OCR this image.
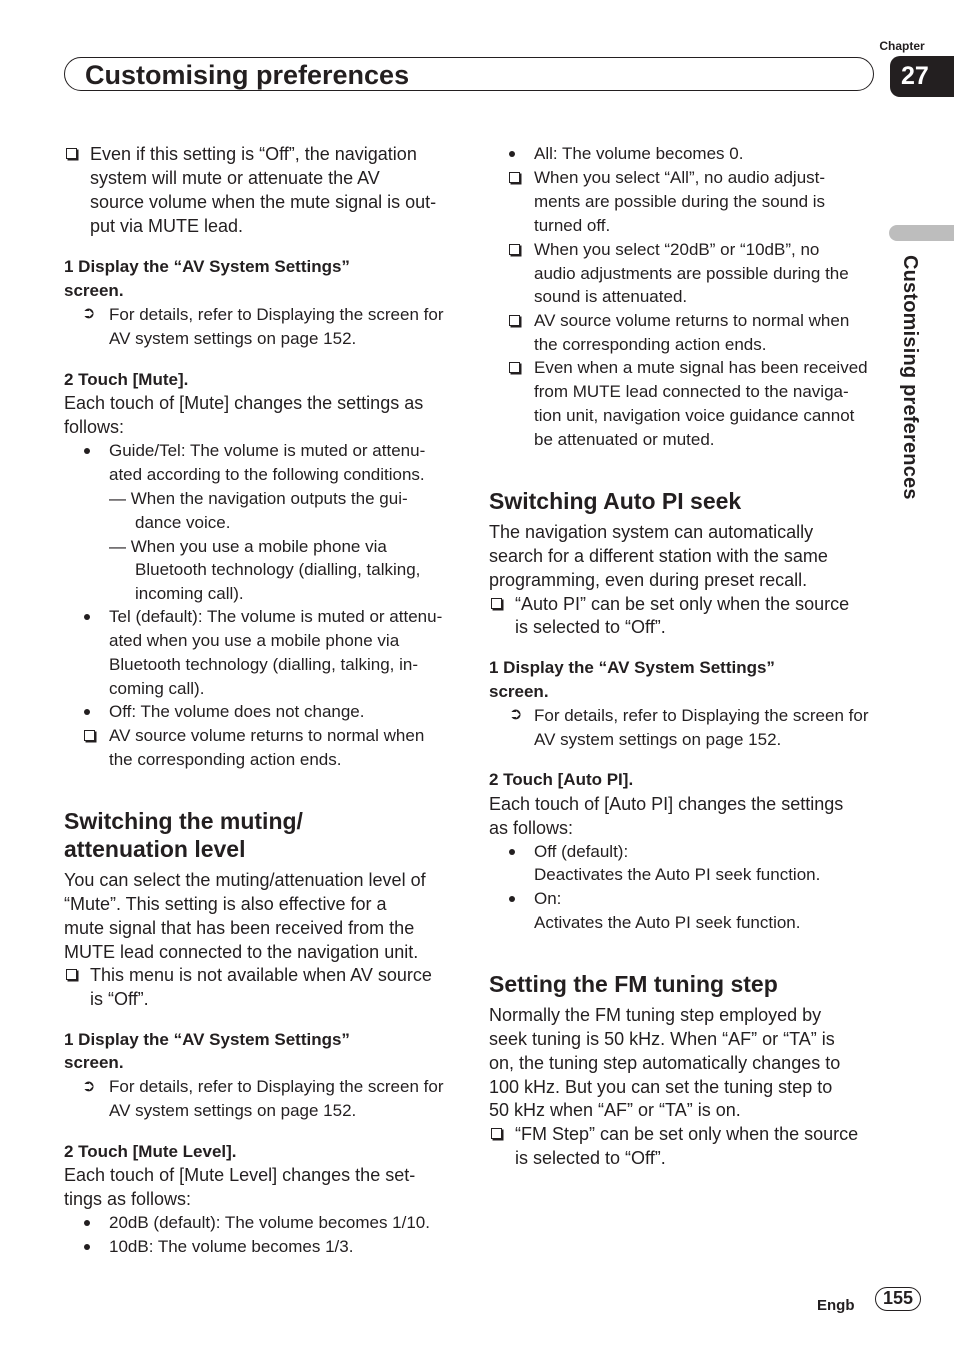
Customising preferences
Chapter
27
Customising preferences
Even if this setting is “Off”, the navigation
system will mute or attenuate the AV
source volume when the mute signal is out-
put via MUTE lead.
1 Display the “AV System Settings”
screen.
➲ For details, refer to Displaying the screen for
AV system settings on page 152.
2 Touch [Mute].
Each touch of [Mute] changes the settings as
follows:
Guide/Tel: The volume is muted or attenu-
ated according to the following conditions.
— When the navigation outputs the gui-
dance voice.
— When you use a mobile phone via
Bluetooth technology (dialling, talking,
incoming call).
Tel (default): The volume is muted or attenu-
ated when you use a mobile phone via
Bluetooth technology (dialling, talking, in-
coming call).
Off: The volume does not change.
AV source volume returns to normal when
the corresponding action ends.
Switching the muting/
attenuation level
You can select the muting/attenuation level of
“Mute”. This setting is also effective for a
mute signal that has been received from the
MUTE lead connected to the navigation unit.
This menu is not available when AV source
is “Off”.
1 Display the “AV System Settings”
screen.
➲ For details, refer to Displaying the screen for
AV system settings on page 152.
2 Touch [Mute Level].
Each touch of [Mute Level] changes the set-
tings as follows:
20dB (default): The volume becomes 1/10.
10dB: The volume becomes 1/3.
All: The volume becomes 0.
When you select “All”, no audio adjust-
ments are possible during the sound is
turned off.
When you select “20dB” or “10dB”, no
audio adjustments are possible during the
sound is attenuated.
AV source volume returns to normal when
the corresponding action ends.
Even when a mute signal has been received
from MUTE lead connected to the naviga-
tion unit, navigation voice guidance cannot
be attenuated or muted.
Switching Auto PI seek
The navigation system can automatically
search for a different station with the same
programming, even during preset recall.
“Auto PI” can be set only when the source
is selected to “Off”.
1 Display the “AV System Settings”
screen.
➲ For details, refer to Displaying the screen for
AV system settings on page 152.
2 Touch [Auto PI].
Each touch of [Auto PI] changes the settings
as follows:
Off (default):
Deactivates the Auto PI seek function.
On:
Activates the Auto PI seek function.
Setting the FM tuning step
Normally the FM tuning step employed by
seek tuning is 50 kHz. When “AF” or “TA” is
on, the tuning step automatically changes to
100 kHz. But you can set the tuning step to
50 kHz when “AF” or “TA” is on.
“FM Step” can be set only when the source
is selected to “Off”.
Engb	155
